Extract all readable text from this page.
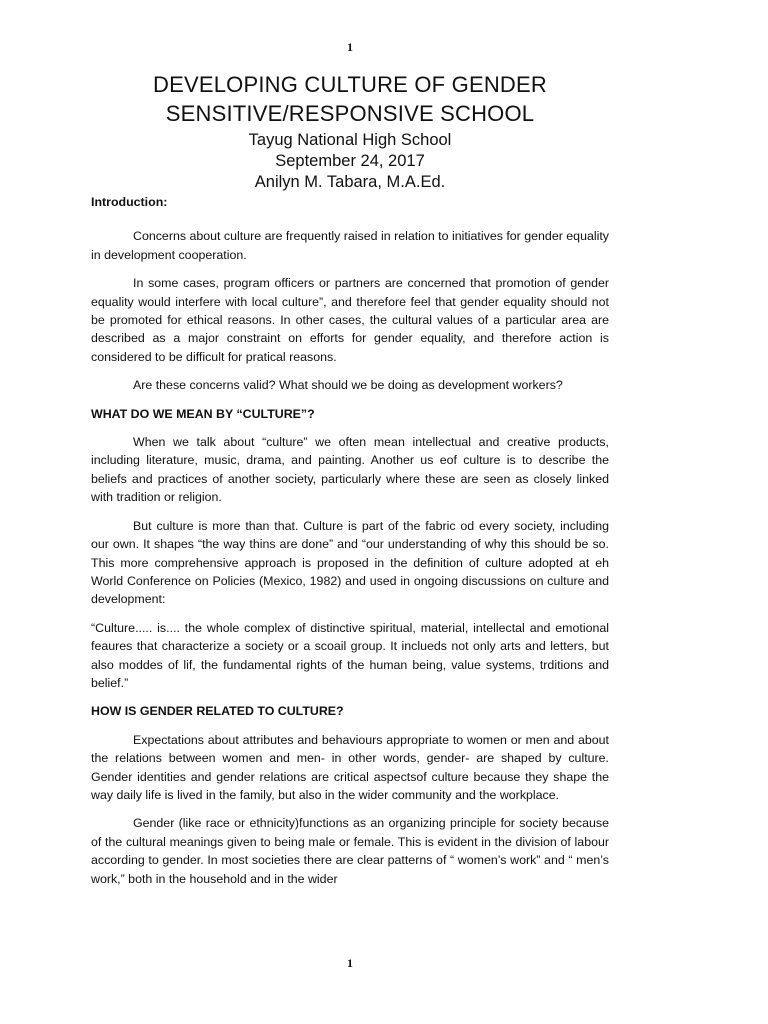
1
DEVELOPING CULTURE OF GENDER
SENSITIVE/RESPONSIVE SCHOOL
Tayug National High School
September 24, 2017
Anilyn M. Tabara, M.A.Ed.
Introduction:

Concerns about culture are frequently raised in relation to initiatives for gender equality in development cooperation.

In some cases, program officers or partners are concerned that promotion of gender equality would interfere with local culture”, and therefore feel that gender equality should not be promoted for ethical reasons. In other cases, the cultural values of a particular area are described as a major constraint on efforts for gender equality, and therefore action is considered to be difficult for pratical reasons.

Are these concerns valid? What should we be doing as development workers?

WHAT DO WE MEAN BY “CULTURE”?

When we talk about “culture” we often mean intellectual and creative products, including literature, music, drama, and painting. Another us eof culture is to describe the beliefs and practices of another society, particularly where these are seen as closely linked with tradition or religion.

But culture is more than that. Culture is part of the fabric od every society, including our own. It shapes “the way thins are done” and “our understanding of why this should be so. This more comprehensive approach is proposed in the definition of culture adopted at eh World Conference on Policies (Mexico, 1982) and used in ongoing discussions on culture and development:

“Culture..... is.... the whole complex of distinctive spiritual, material, intellectal and emotional feaures that characterize a society or a scoail group. It inclueds not only arts and letters, but also moddes of lif, the fundamental rights of the human being, value systems, trditions and belief.”

HOW IS GENDER RELATED TO CULTURE?

Expectations about attributes and behaviours appropriate to women or men and about the relations between women and men- in other words, gender- are shaped by culture. Gender identities and gender relations are critical aspectsof culture because they shape the way daily life is lived in the family, but also in the wider community and the workplace.

Gender (like race or ethnicity)functions as an organizing principle for society because of the cultural meanings given to being male or female. This is evident in the division of labour according to gender. In most societies there are clear patterns of “ women’s work” and “ men’s work,” both in the household and in the wider

1
